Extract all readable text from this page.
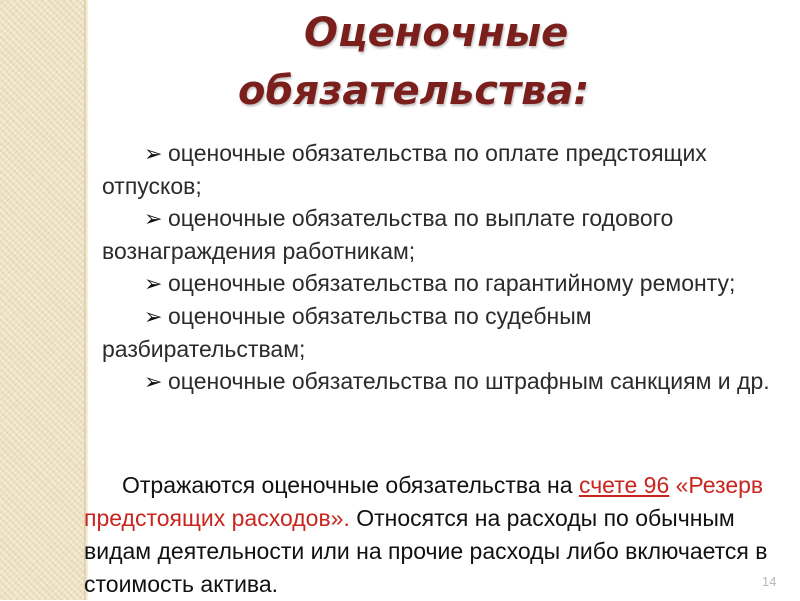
Оценочные
обязательства:
➢ оценочные обязательства по оплате предстоящих отпусков;
➢ оценочные обязательства по выплате годового вознаграждения работникам;
➢ оценочные обязательства по гарантийному ремонту;
➢ оценочные обязательства по судебным разбирательствам;
➢ оценочные обязательства по штрафным санкциям и др.

Отражаются оценочные обязательства на счете 96 «Резерв предстоящих расходов». Относятся на расходы по обычным видам деятельности или на прочие расходы либо включается в стоимость актива.	14
